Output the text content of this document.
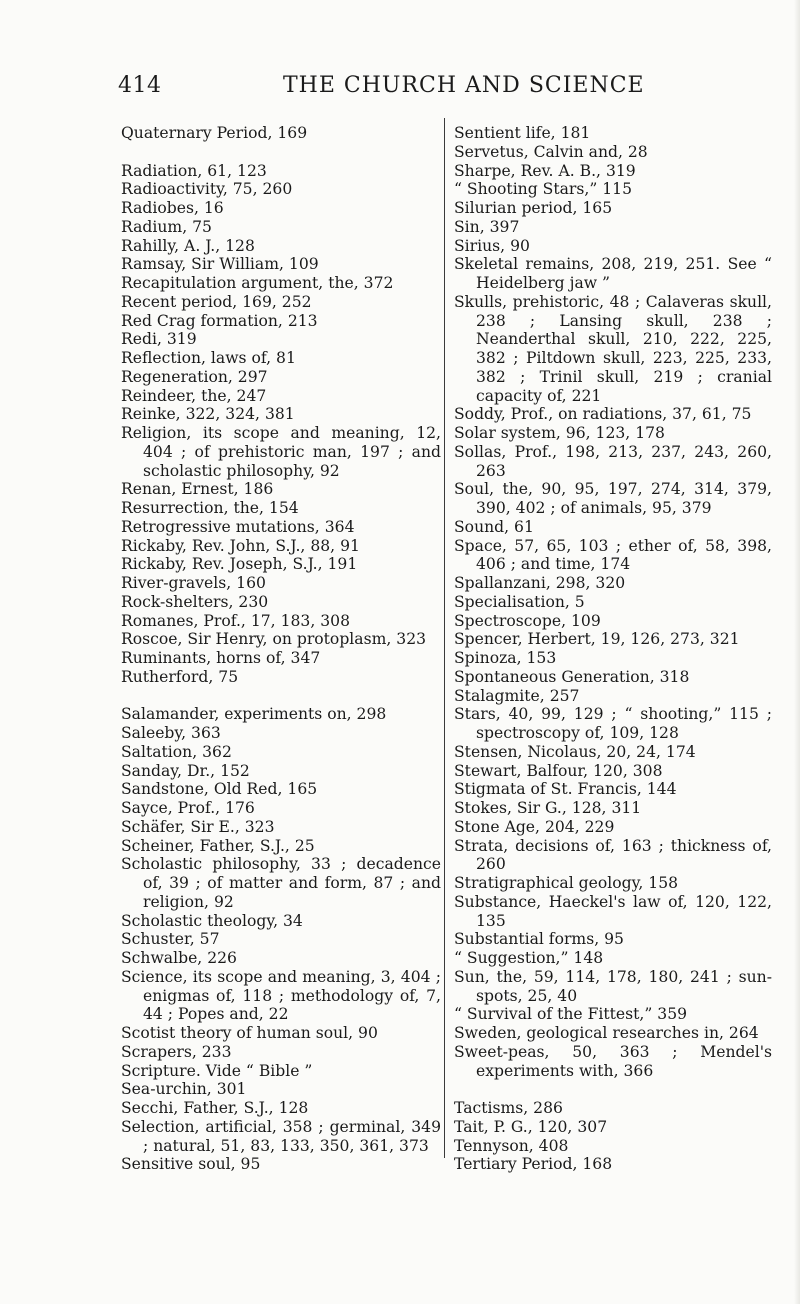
414	THE CHURCH AND SCIENCE

Quaternary Period, 169

Radiation, 61, 123

Radioactivity, 75, 260

Radiobes, 16

Radium, 75

Rahilly, A. J., 128

Ramsay, Sir William, 109

Recapitulation argument, the, 372

Recent period, 169, 252

Red Crag formation, 213

Redi, 319

Reflection, laws of, 81

Regeneration, 297

Reindeer, the, 247

Reinke, 322, 324, 381

Religion, its scope and meaning, 12, 404 ; of prehistoric man, 197 ; and scholastic philosophy, 92

Renan, Ernest, 186

Resurrection, the, 154

Retrogressive mutations, 364

Rickaby, Rev. John, S.J., 88, 91

Rickaby, Rev. Joseph, S.J., 191

River-gravels, 160

Rock-shelters, 230

Romanes, Prof., 17, 183, 308

Roscoe, Sir Henry, on protoplasm, 323

Ruminants, horns of, 347

Rutherford, 75

Salamander, experiments on, 298

Saleeby, 363

Saltation, 362

Sanday, Dr., 152

Sandstone, Old Red, 165

Sayce, Prof., 176

Schäfer, Sir E., 323

Scheiner, Father, S.J., 25

Scholastic philosophy, 33 ; decadence of, 39 ; of matter and form, 87 ; and religion, 92

Scholastic theology, 34

Schuster, 57

Schwalbe, 226

Science, its scope and meaning, 3, 404 ; enigmas of, 118 ; methodology of, 7, 44 ; Popes and, 22

Scotist theory of human soul, 90

Scrapers, 233

Scripture. Vide “ Bible ”

Sea-urchin, 301

Secchi, Father, S.J., 128

Selection, artificial, 358 ; germinal, 349 ; natural, 51, 83, 133, 350, 361, 373

Sensitive soul, 95

Sentient life, 181

Servetus, Calvin and, 28

Sharpe, Rev. A. B., 319

“ Shooting Stars,” 115

Silurian period, 165

Sin, 397

Sirius, 90

Skeletal remains, 208, 219, 251. See “ Heidelberg jaw ”

Skulls, prehistoric, 48 ; Calaveras skull, 238 ; Lansing skull, 238 ; Neanderthal skull, 210, 222, 225, 382 ; Piltdown skull, 223, 225, 233, 382 ; Trinil skull, 219 ; cranial capacity of, 221

Soddy, Prof., on radiations, 37, 61, 75

Solar system, 96, 123, 178

Sollas, Prof., 198, 213, 237, 243, 260, 263

Soul, the, 90, 95, 197, 274, 314, 379, 390, 402 ; of animals, 95, 379

Sound, 61

Space, 57, 65, 103 ; ether of, 58, 398, 406 ; and time, 174

Spallanzani, 298, 320

Specialisation, 5

Spectroscope, 109

Spencer, Herbert, 19, 126, 273, 321

Spinoza, 153

Spontaneous Generation, 318

Stalagmite, 257

Stars, 40, 99, 129 ; “ shooting,” 115 ; spectroscopy of, 109, 128

Stensen, Nicolaus, 20, 24, 174

Stewart, Balfour, 120, 308

Stigmata of St. Francis, 144

Stokes, Sir G., 128, 311

Stone Age, 204, 229

Strata, decisions of, 163 ; thickness of, 260

Stratigraphical geology, 158

Substance, Haeckel's law of, 120, 122, 135

Substantial forms, 95

“ Suggestion,” 148

Sun, the, 59, 114, 178, 180, 241 ; sun-spots, 25, 40

“ Survival of the Fittest,” 359

Sweden, geological researches in, 264

Sweet-peas, 50, 363 ; Mendel's experiments with, 366

Tactisms, 286

Tait, P. G., 120, 307

Tennyson, 408

Tertiary Period, 168
